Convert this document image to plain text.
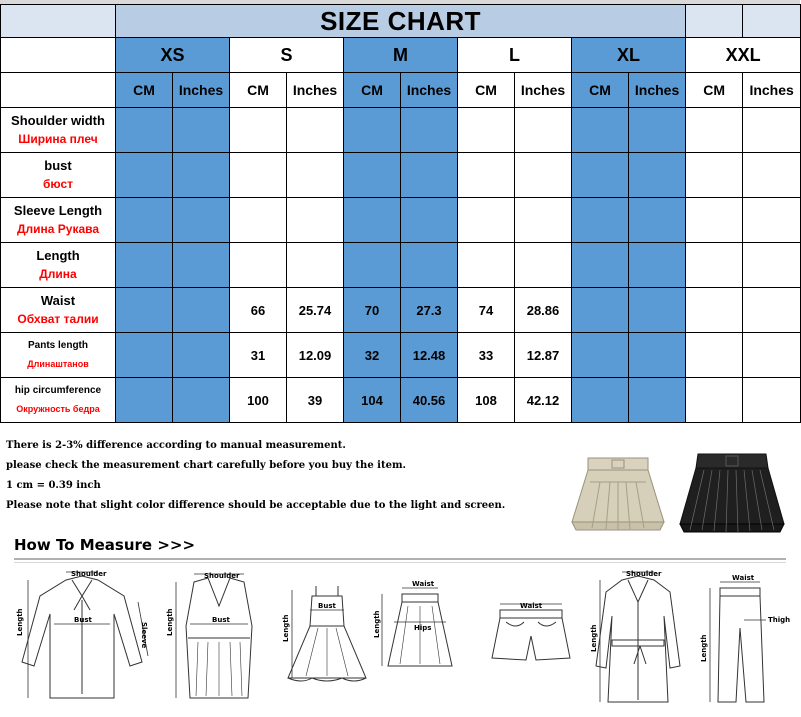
	SIZE CHART											
	XS		S		M		L		XL		XXL	
	CM	Inches	CM	Inches	CM	Inches	CM	Inches	CM	Inches	CM	Inches

Shoulder width
Ширина плеч												

bust
бюст												

Sleeve Length
Длина Рукава												

Length
Длина												

Waist
Обхват талии			66	25.74	70	27.3	74	28.86				

Pants length
Длинаштанов			31	12.09	32	12.48	33	12.87				

hip circumference
Окружность бедра			100	39	104	40.56	108	42.12				

There is 2-3% difference according to manual measurement.

please check the measurement chart carefully before you buy the item.

1 cm = 0.39 inch

Please note that slight color difference should be acceptable due to the light and screen.

How To Measure >>>
Shoulder
Bust
Length	Sleeve
Shoulder
Bust
Length
Bust
Length
Waist
Hips
Length
Waist
Shoulder
Length
Waist
Thigh
Length
